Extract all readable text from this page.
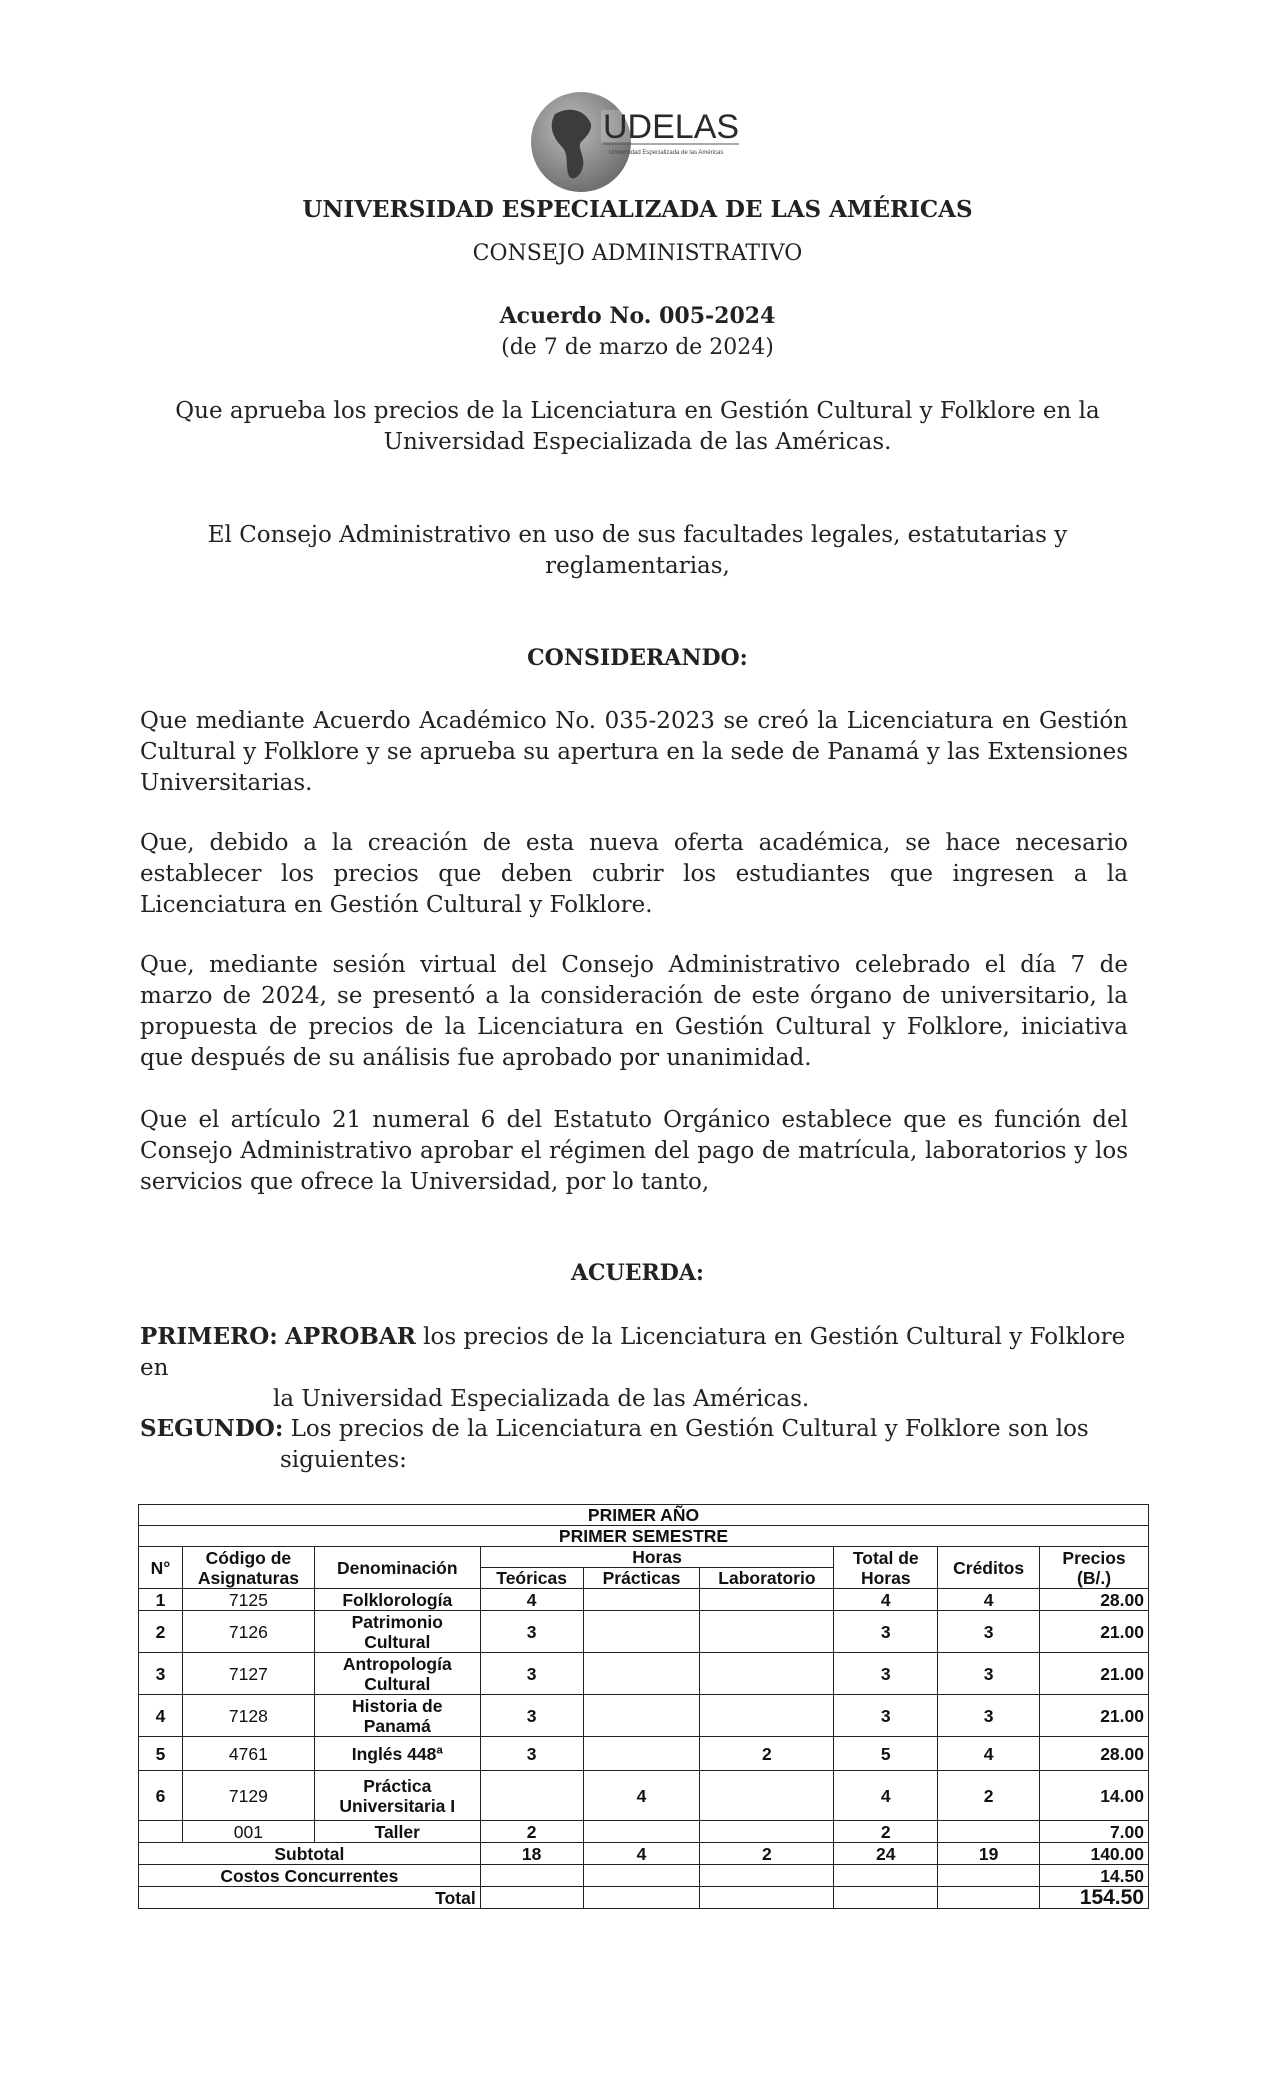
UDELAS
Universidad Especializada de las Américas
UNIVERSIDAD ESPECIALIZADA DE LAS AMÉRICAS
CONSEJO ADMINISTRATIVO
Acuerdo No. 005-2024
(de 7 de marzo de 2024)
Que aprueba los precios de la Licenciatura en Gestión Cultural y Folklore en la
Universidad Especializada de las Américas.
El Consejo Administrativo en uso de sus facultades legales, estatutarias y
reglamentarias,
CONSIDERANDO:
Que mediante Acuerdo Académico No. 035-2023 se creó la Licenciatura en Gestión Cultural y Folklore y se aprueba su apertura en la sede de Panamá y las Extensiones Universitarias.
Que, debido a la creación de esta nueva oferta académica, se hace necesario establecer los precios que deben cubrir los estudiantes que ingresen a la Licenciatura en Gestión Cultural y Folklore.
Que, mediante sesión virtual del Consejo Administrativo celebrado el día 7 de marzo de 2024, se presentó a la consideración de este órgano de universitario, la propuesta de precios de la Licenciatura en Gestión Cultural y Folklore, iniciativa que después de su análisis fue aprobado por unanimidad.
Que el artículo 21 numeral 6 del Estatuto Orgánico establece que es función del Consejo Administrativo aprobar el régimen del pago de matrícula, laboratorios y los servicios que ofrece la Universidad, por lo tanto,
ACUERDA:
PRIMERO: APROBAR los precios de la Licenciatura en Gestión Cultural y Folklore en
la Universidad Especializada de las Américas.
SEGUNDO: Los precios de la Licenciatura en Gestión Cultural y Folklore son los
siguientes:
PRIMER AÑO								
PRIMER SEMESTRE								
N°	Código de Asignaturas	Denominación	Horas			Total de Horas	Créditos	Precios (B/.)
			Teóricas	Prácticas	Laboratorio			
1	7125	Folklorología	4			4	4	28.00
2	7126	Patrimonio Cultural	3			3	3	21.00
3	7127	Antropología Cultural	3			3	3	21.00
4	7128	Historia de Panamá	3			3	3	21.00
5	4761	Inglés 448ª	3		2	5	4	28.00
6	7129	Práctica Universitaria I		4		4	2	14.00
	001	Taller	2			2		7.00
Subtotal			18	4	2	24	19	140.00
Costos Concurrentes								14.50
Total								154.50
